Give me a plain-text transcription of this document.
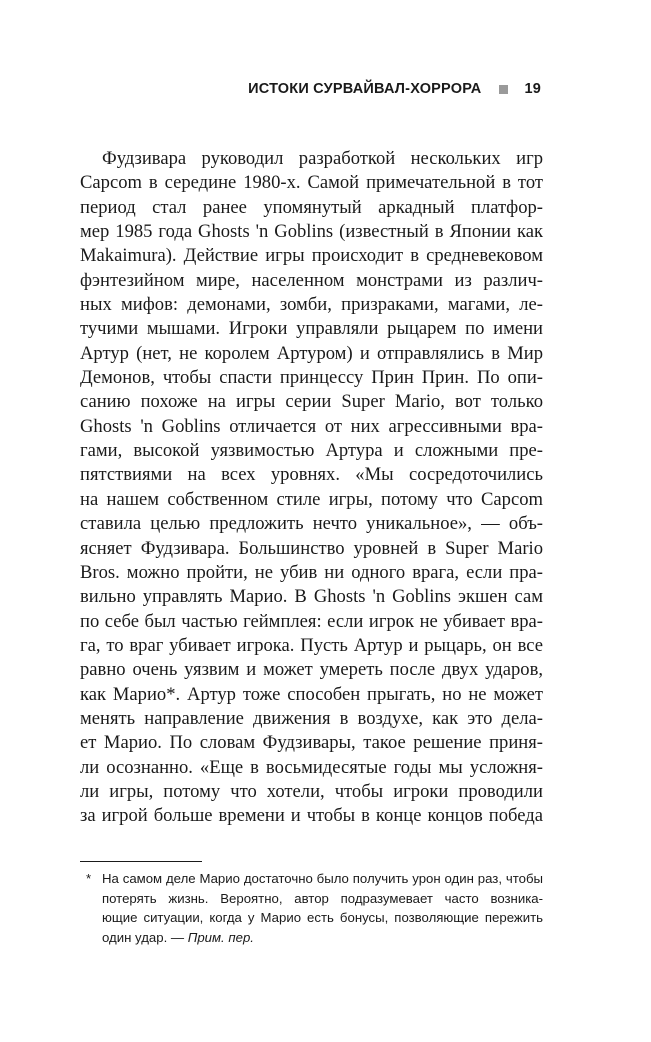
ИСТОКИ СУРВАЙВАЛ-ХОРРОРА	19
Фудзивара руководил разработкой нескольких игр
Capcom в середине 1980-х. Самой примечательной в тот
период стал ранее упомянутый аркадный платфор-
мер 1985 года Ghosts 'n Goblins (известный в Японии как
Makaimura). Действие игры происходит в средневековом
фэнтезийном мире, населенном монстрами из различ-
ных мифов: демонами, зомби, призраками, магами, ле-
тучими мышами. Игроки управляли рыцарем по имени
Артур (нет, не королем Артуром) и отправлялись в Мир
Демонов, чтобы спасти принцессу Прин Прин. По опи-
санию похоже на игры серии Super Mario, вот только
Ghosts 'n Goblins отличается от них агрессивными вра-
гами, высокой уязвимостью Артура и сложными пре-
пятствиями на всех уровнях. «Мы сосредоточились
на нашем собственном стиле игры, потому что Capcom
ставила целью предложить нечто уникальное», — объ-
ясняет Фудзивара. Большинство уровней в Super Mario
Bros. можно пройти, не убив ни одного врага, если пра-
вильно управлять Марио. В Ghosts 'n Goblins экшен сам
по себе был частью геймплея: если игрок не убивает вра-
га, то враг убивает игрока. Пусть Артур и рыцарь, он все
равно очень уязвим и может умереть после двух ударов,
как Марио*. Артур тоже способен прыгать, но не может
менять направление движения в воздухе, как это дела-
ет Марио. По словам Фудзивары, такое решение приня-
ли осознанно. «Еще в восьмидесятые годы мы усложня-
ли игры, потому что хотели, чтобы игроки проводили
за игрой больше времени и чтобы в конце концов победа
* На самом деле Марио достаточно было получить урон один раз, чтобы
потерять жизнь. Вероятно, автор подразумевает часто возника-
ющие ситуации, когда у Марио есть бонусы, позволяющие пережить
один удар. — Прим. пер.
